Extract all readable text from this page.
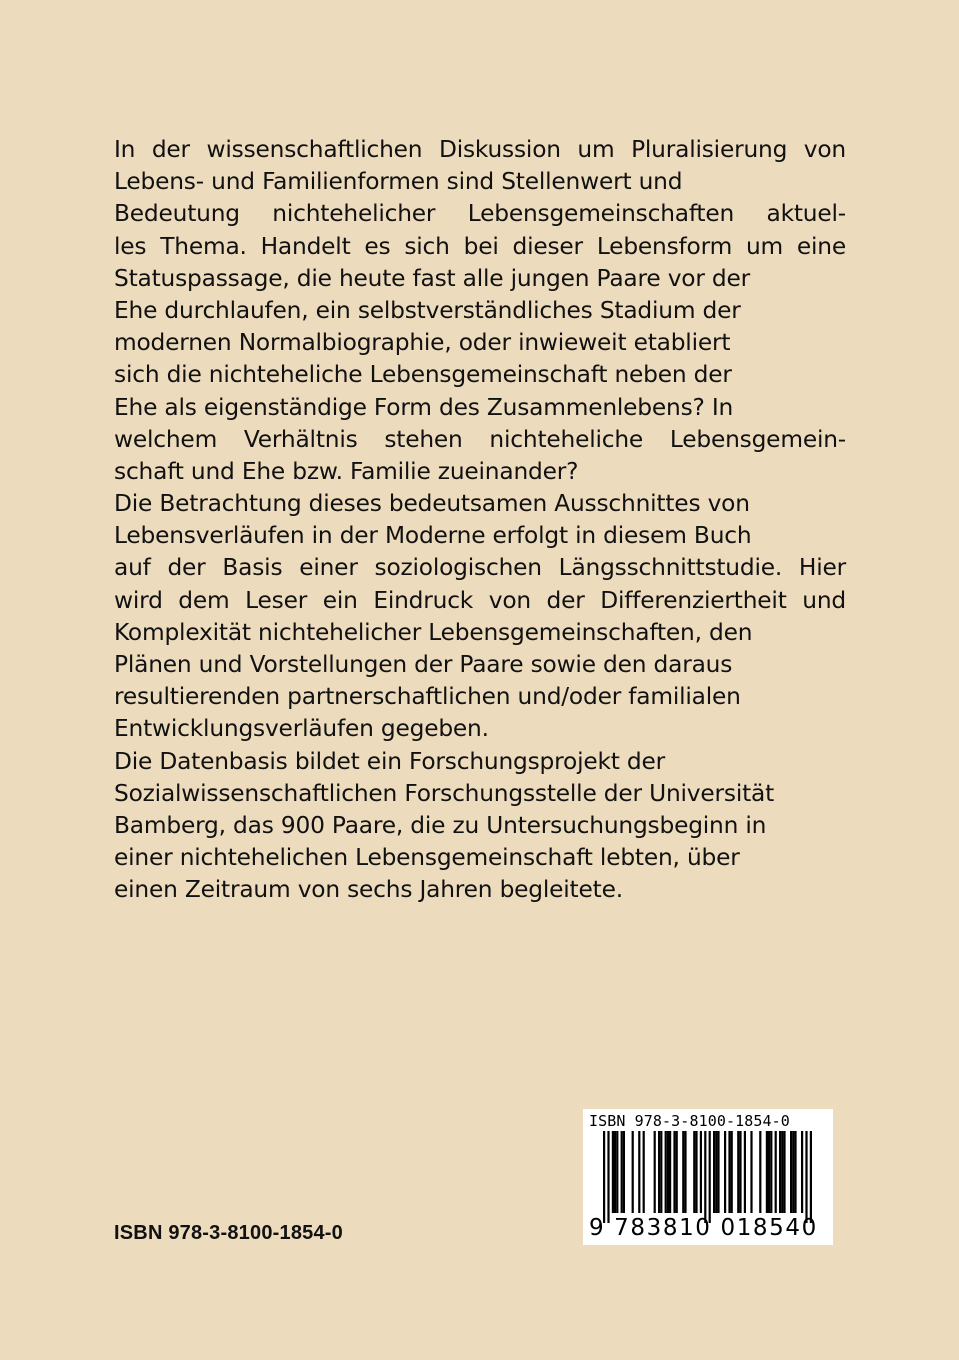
In der wissenschaftlichen Diskussion um Pluralisierung von
Lebens- und Familienformen sind Stellenwert und
Bedeutung nichtehelicher Lebensgemeinschaften aktuel-
les Thema. Handelt es sich bei dieser Lebensform um eine
Statuspassage, die heute fast alle jungen Paare vor der
Ehe durchlaufen, ein selbstverständliches Stadium der
modernen Normalbiographie, oder inwieweit etabliert
sich die nichteheliche Lebensgemeinschaft neben der
Ehe als eigenständige Form des Zusammenlebens? In
welchem Verhältnis stehen nichteheliche Lebensgemein-
schaft und Ehe bzw. Familie zueinander?
Die Betrachtung dieses bedeutsamen Ausschnittes von
Lebensverläufen in der Moderne erfolgt in diesem Buch
auf der Basis einer soziologischen Längsschnittstudie. Hier
wird dem Leser ein Eindruck von der Differenziertheit und
Komplexität nichtehelicher Lebensgemeinschaften, den
Plänen und Vorstellungen der Paare sowie den daraus
resultierenden partnerschaftlichen und/oder familialen
Entwicklungsverläufen gegeben.
Die Datenbasis bildet ein Forschungsprojekt der
Sozialwissenschaftlichen Forschungsstelle der Universität
Bamberg, das 900 Paare, die zu Untersuchungsbeginn in
einer nichtehelichen Lebensgemeinschaft lebten, über
einen Zeitraum von sechs Jahren begleitete.
ISBN 978-3-8100-1854-0
ISBN 978-3-8100-1854-0
9 783810 018540
